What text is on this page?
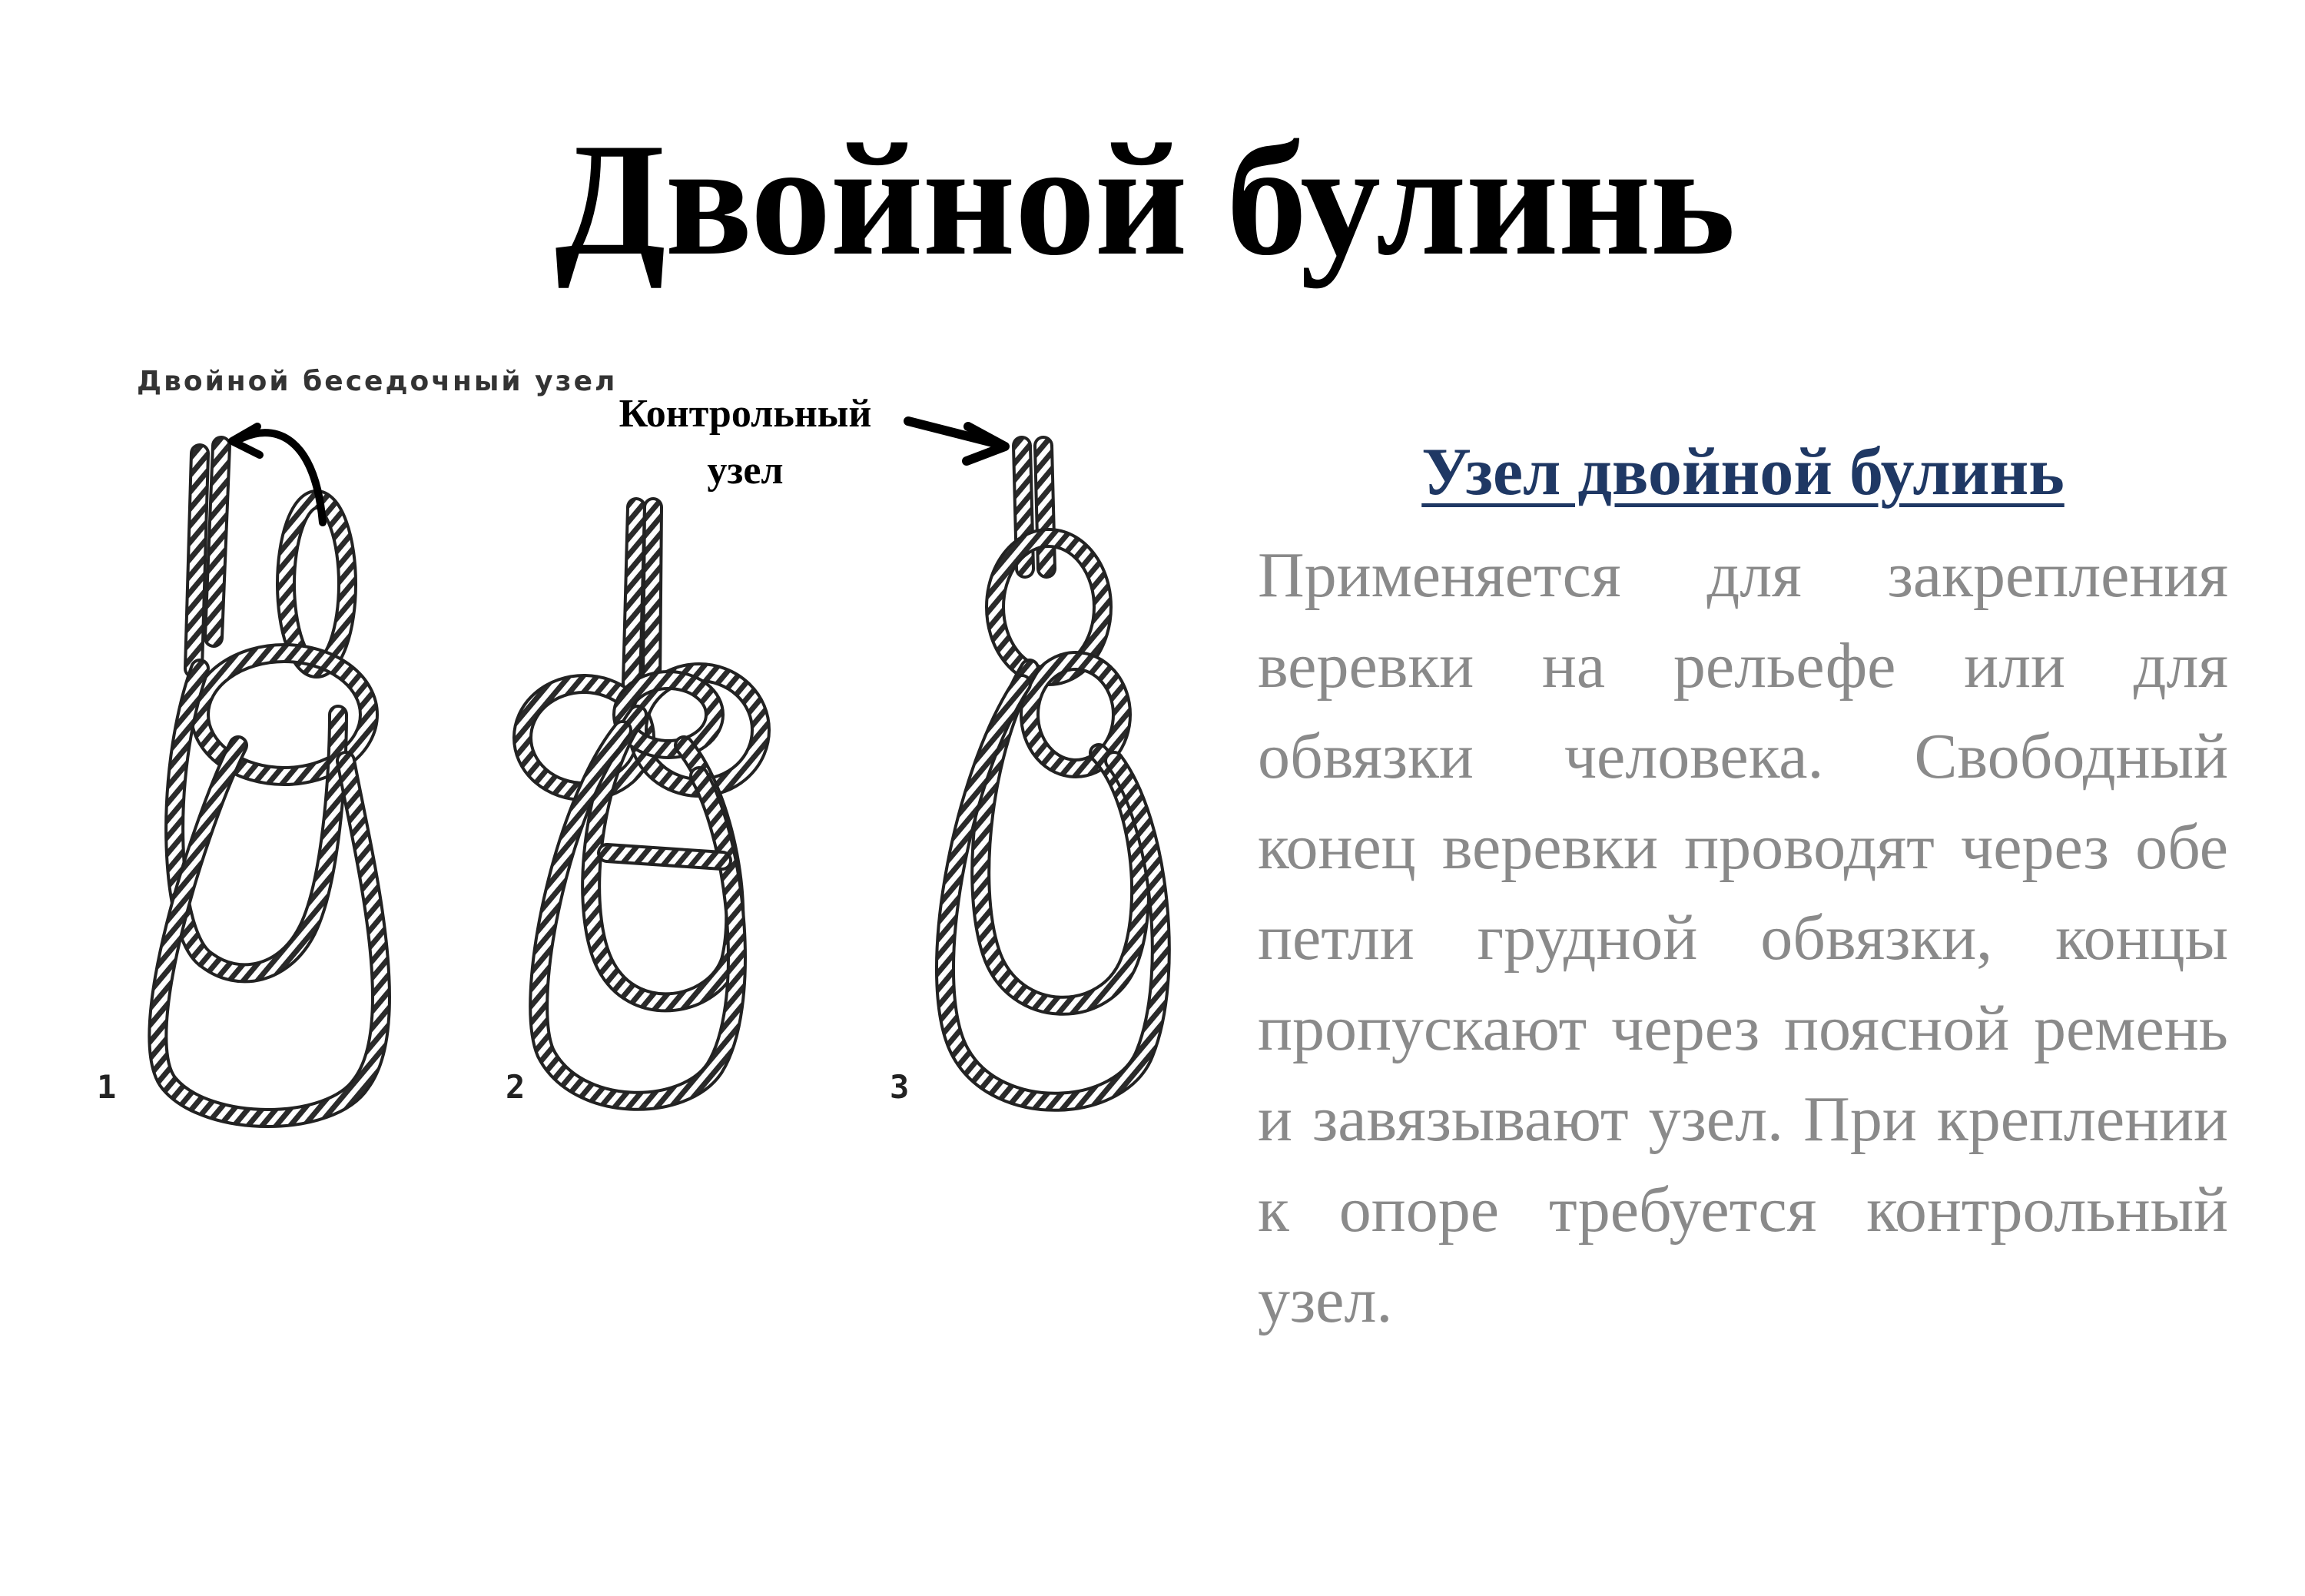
Двойной булинь
Двойной беседочный узел
Контрольный
узел
1	2	3
Узел двойной булинь

Применяется для закрепления веревки на рельефе или для обвязки человека. Свободный конец веревки проводят через обе петли грудной обвязки, концы пропускают через поясной ремень и завязывают узел. При креплении к опоре требуется контрольный узел.
